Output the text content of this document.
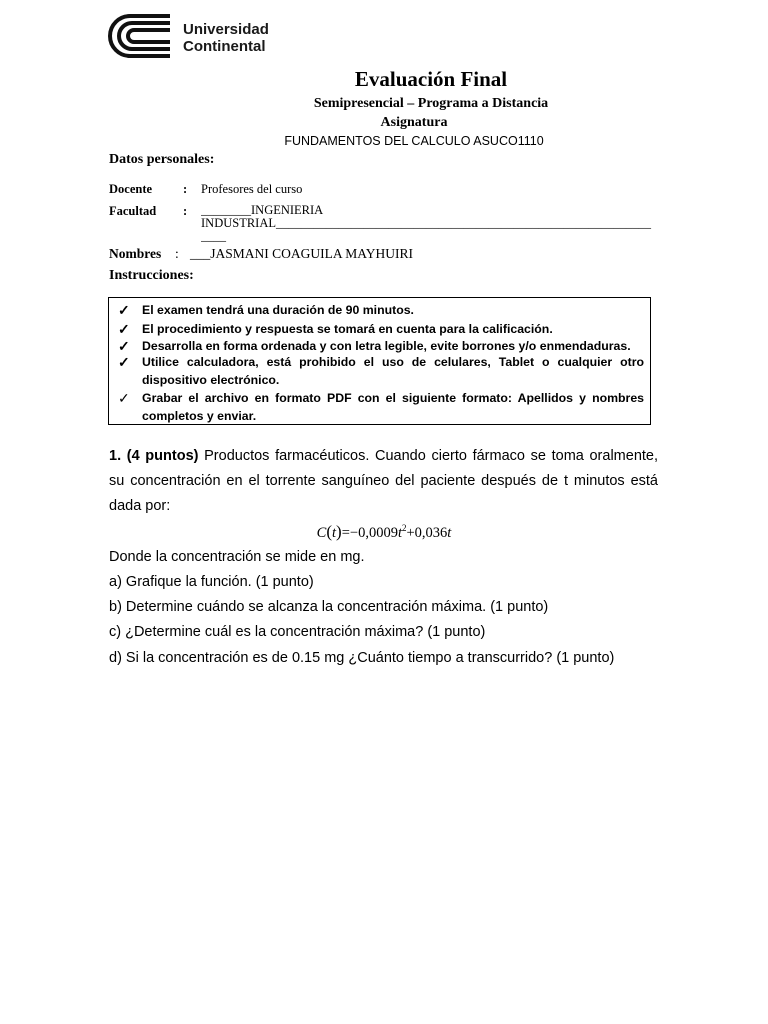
Universidad
Continental
Evaluación Final
Semipresencial – Programa a Distancia
Asignatura
FUNDAMENTOS DEL CALCULO ASUCO1110
Datos personales:
Docente : Profesores del curso
Facultad : ________INGENIERIA
INDUSTRIAL____________________________________________________________
____
Nombres : ___JASMANI COAGUILA MAYHUIRI
Instrucciones:
✓ El examen tendrá una duración de 90 minutos.
✓ El procedimiento y respuesta se tomará en cuenta para la calificación.
✓ Desarrolla en forma ordenada y con letra legible, evite borrones y/o enmendaduras.
✓ Utilice calculadora, está prohibido el uso de celulares, Tablet o cualquier otro dispositivo electrónico.
✓ Grabar el archivo en formato PDF con el siguiente formato: Apellidos y nombres completos y enviar.
1. (4 puntos) Productos farmacéuticos. Cuando cierto fármaco se toma oralmente, su concentración en el torrente sanguíneo del paciente después de t minutos está dada por:
$C(t)=-0,0009t^2+0,036t$
Donde la concentración se mide en mg.
a) Grafique la función. (1 punto)
b) Determine cuándo se alcanza la concentración máxima. (1 punto)
c) ¿Determine cuál es la concentración máxima? (1 punto)
d) Si la concentración es de 0.15 mg ¿Cuánto tiempo a transcurrido? (1 punto)
